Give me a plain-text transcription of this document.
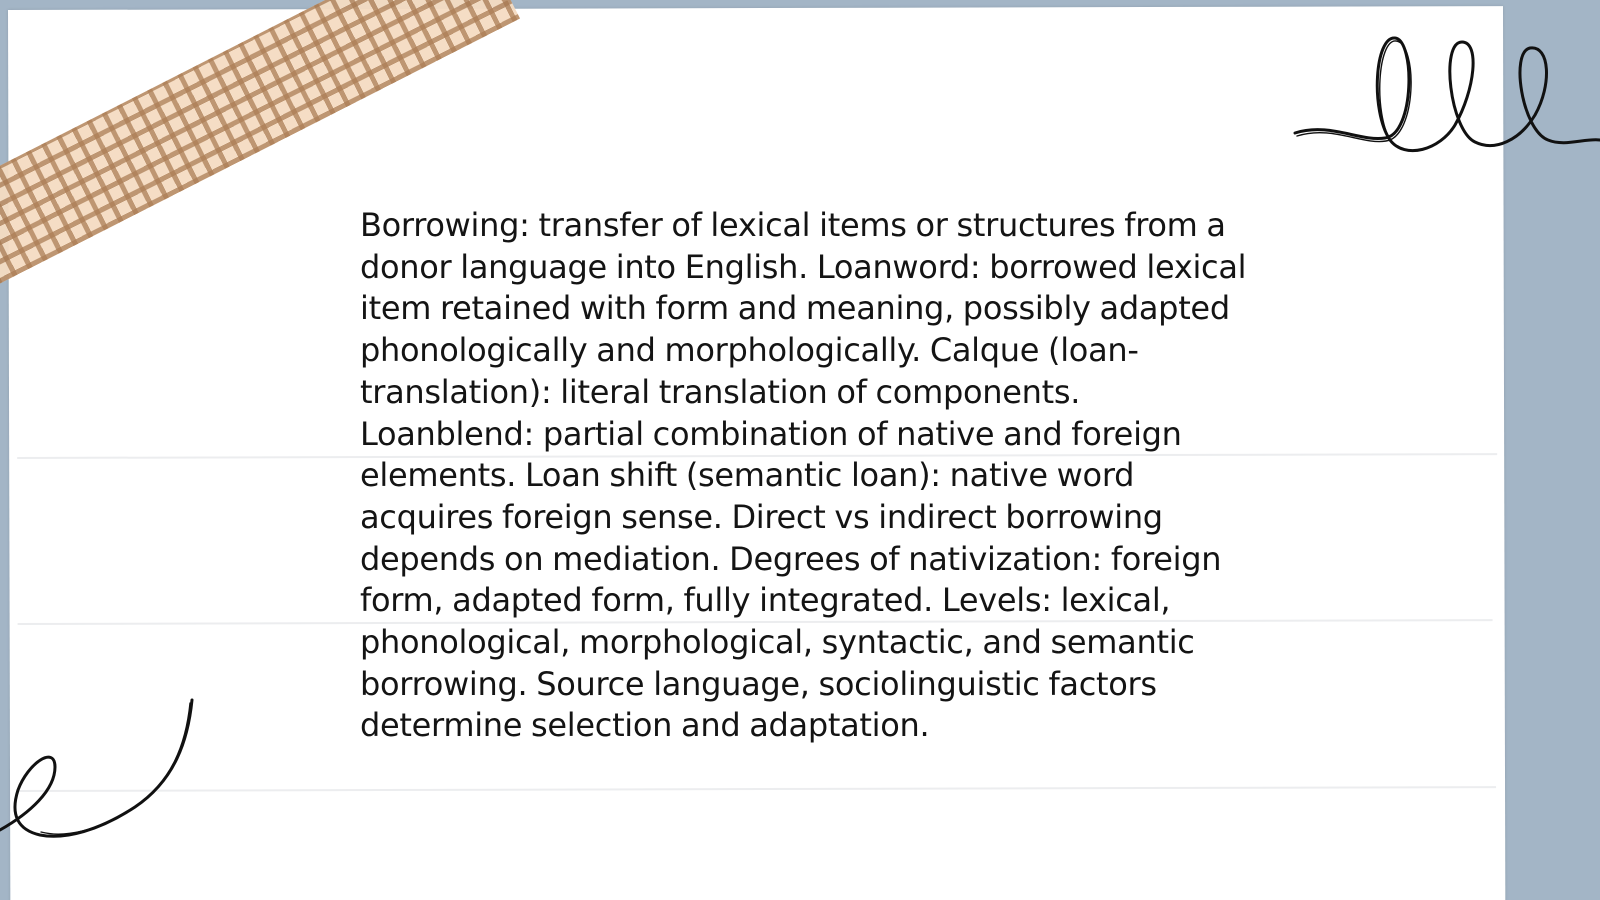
Borrowing: transfer of lexical items or structures from a donor language into English. Loanword: borrowed lexical item retained with form and meaning, possibly adapted phonologically and morphologically. Calque (loan-translation): literal translation of components. Loanblend: partial combination of native and foreign elements. Loan shift (semantic loan): native word acquires foreign sense. Direct vs indirect borrowing depends on mediation. Degrees of nativization: foreign form, adapted form, fully integrated. Levels: lexical, phonological, morphological, syntactic, and semantic borrowing. Source language, sociolinguistic factors determine selection and adaptation.
